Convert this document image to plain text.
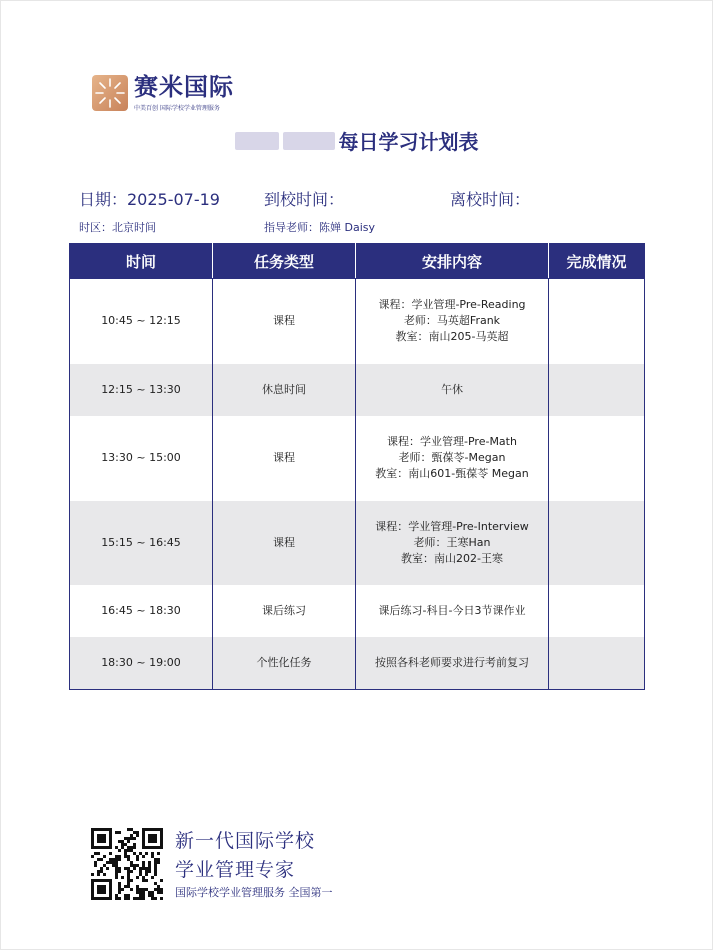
赛米国际
中美百创 国际学校学业管理服务
每日学习计划表
日期：2025-07-19	到校时间：	离校时间：
时区：北京时间	指导老师：陈婵 Daisy
时间	任务类型	安排内容	完成情况
10:45 ~ 12:15	课程	课程：学业管理-Pre-Reading
老师：马英超Frank
教室：南山205-马英超	

12:15 ~ 13:30	休息时间	午休	

13:30 ~ 15:00	课程	课程：学业管理-Pre-Math
老师：甄葆苓-Megan
教室：南山601-甄葆苓 Megan	

15:15 ~ 16:45	课程	课程：学业管理-Pre-Interview
老师：王寒Han
教室：南山202-王寒	

16:45 ~ 18:30	课后练习	课后练习-科目-今日3节课作业	

18:30 ~ 19:00	个性化任务	按照各科老师要求进行考前复习	

新一代国际学校
学业管理专家
国际学校学业管理服务 全国第一
